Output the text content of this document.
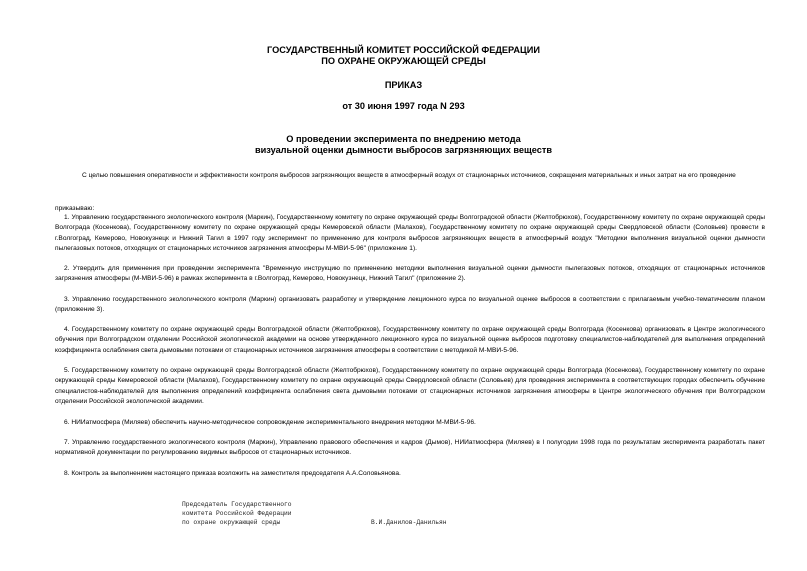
ГОСУДАРСТВЕННЫЙ КОМИТЕТ РОССИЙСКОЙ ФЕДЕРАЦИИ
ПО ОХРАНЕ ОКРУЖАЮЩЕЙ СРЕДЫ
ПРИКАЗ
от 30 июня 1997 года N 293
О проведении эксперимента по внедрению метода
визуальной оценки дымности выбросов загрязняющих веществ

С целью повышения оперативности и эффективности контроля выбросов загрязняющих веществ в атмосферный воздух от стационарных источников, сокращения материальных и иных затрат на его проведение

приказываю:

1. Управлению государственного экологического контроля (Маркин), Государственному комитету по охране окружающей среды Волгоградской области (Желтобрюхов), Государственному комитету по охране окружающей среды Волгограда (Косенкова), Государственному комитету по охране окружающей среды Кемеровской области (Малахов), Государственному комитету по охране окружающей среды Свердловской области (Соловьев) провести в г.Волгоград, Кемерово, Новокузнецк и Нижний Тагил в 1997 году эксперимент по применению для контроля выбросов загрязняющих веществ в атмосферный воздух "Методики выполнения визуальной оценки дымности пылегазовых потоков, отходящих от стационарных источников загрязнения атмосферы М-МВИ-5-96" (приложение 1).

2. Утвердить для применения при проведении эксперимента "Временную инструкцию по применению методики выполнения визуальной оценки дымности пылегазовых потоков, отходящих от стационарных источников загрязнения атмосферы (М-МВИ-5-96) в рамках эксперимента в г.Волгоград, Кемерово, Новокузнецк, Нижний Тагил" (приложение 2).

3. Управлению государственного экологического контроля (Маркин) организовать разработку и утверждение лекционного курса по визуальной оценке выбросов в соответствии с прилагаемым учебно-тематическим планом (приложение 3).

4. Государственному комитету по охране окружающей среды Волгоградской области (Желтобрюхов), Государственному комитету по охране окружающей среды Волгограда (Косенкова) организовать в Центре экологического обучения при Волгоградском отделении Российской экологической академии на основе утвержденного лекционного курса по визуальной оценке выбросов подготовку специалистов-наблюдателей для выполнения определений коэффициента ослабления света дымовыми потоками от стационарных источников загрязнения атмосферы в соответствии с методикой М-МВИ-5-96.

5. Государственному комитету по охране окружающей среды Волгоградской области (Желтобрюхов), Государственному комитету по охране окружающей среды Волгограда (Косенкова), Государственному комитету по охране окружающей среды Кемеровской области (Малахов), Государственному комитету по охране окружающей среды Свердловской области (Соловьев) для проведения эксперимента в соответствующих городах обеспечить обучение специалистов-наблюдателей для выполнения определений коэффициента ослабления света дымовыми потоками от стационарных источников загрязнения атмосферы в Центре экологического обучения при Волгоградском отделении Российской экологической академии.

6. НИИатмосфера (Миляев) обеспечить научно-методическое сопровождение экспериментального внедрения методики М-МВИ-5-96.

7. Управлению государственного экологического контроля (Маркин), Управлению правового обеспечения и кадров (Дымов), НИИатмосфера (Миляев) в I полугодии 1998 года по результатам эксперимента разработать пакет нормативной документации по регулированию видимых выбросов от стационарных источников.

8. Контроль за выполнением настоящего приказа возложить на заместителя председателя А.А.Соловьянова.

Председатель Государственного
комитета Российской Федерации
по охране окружающей среды	В.И.Данилов-Данильян
